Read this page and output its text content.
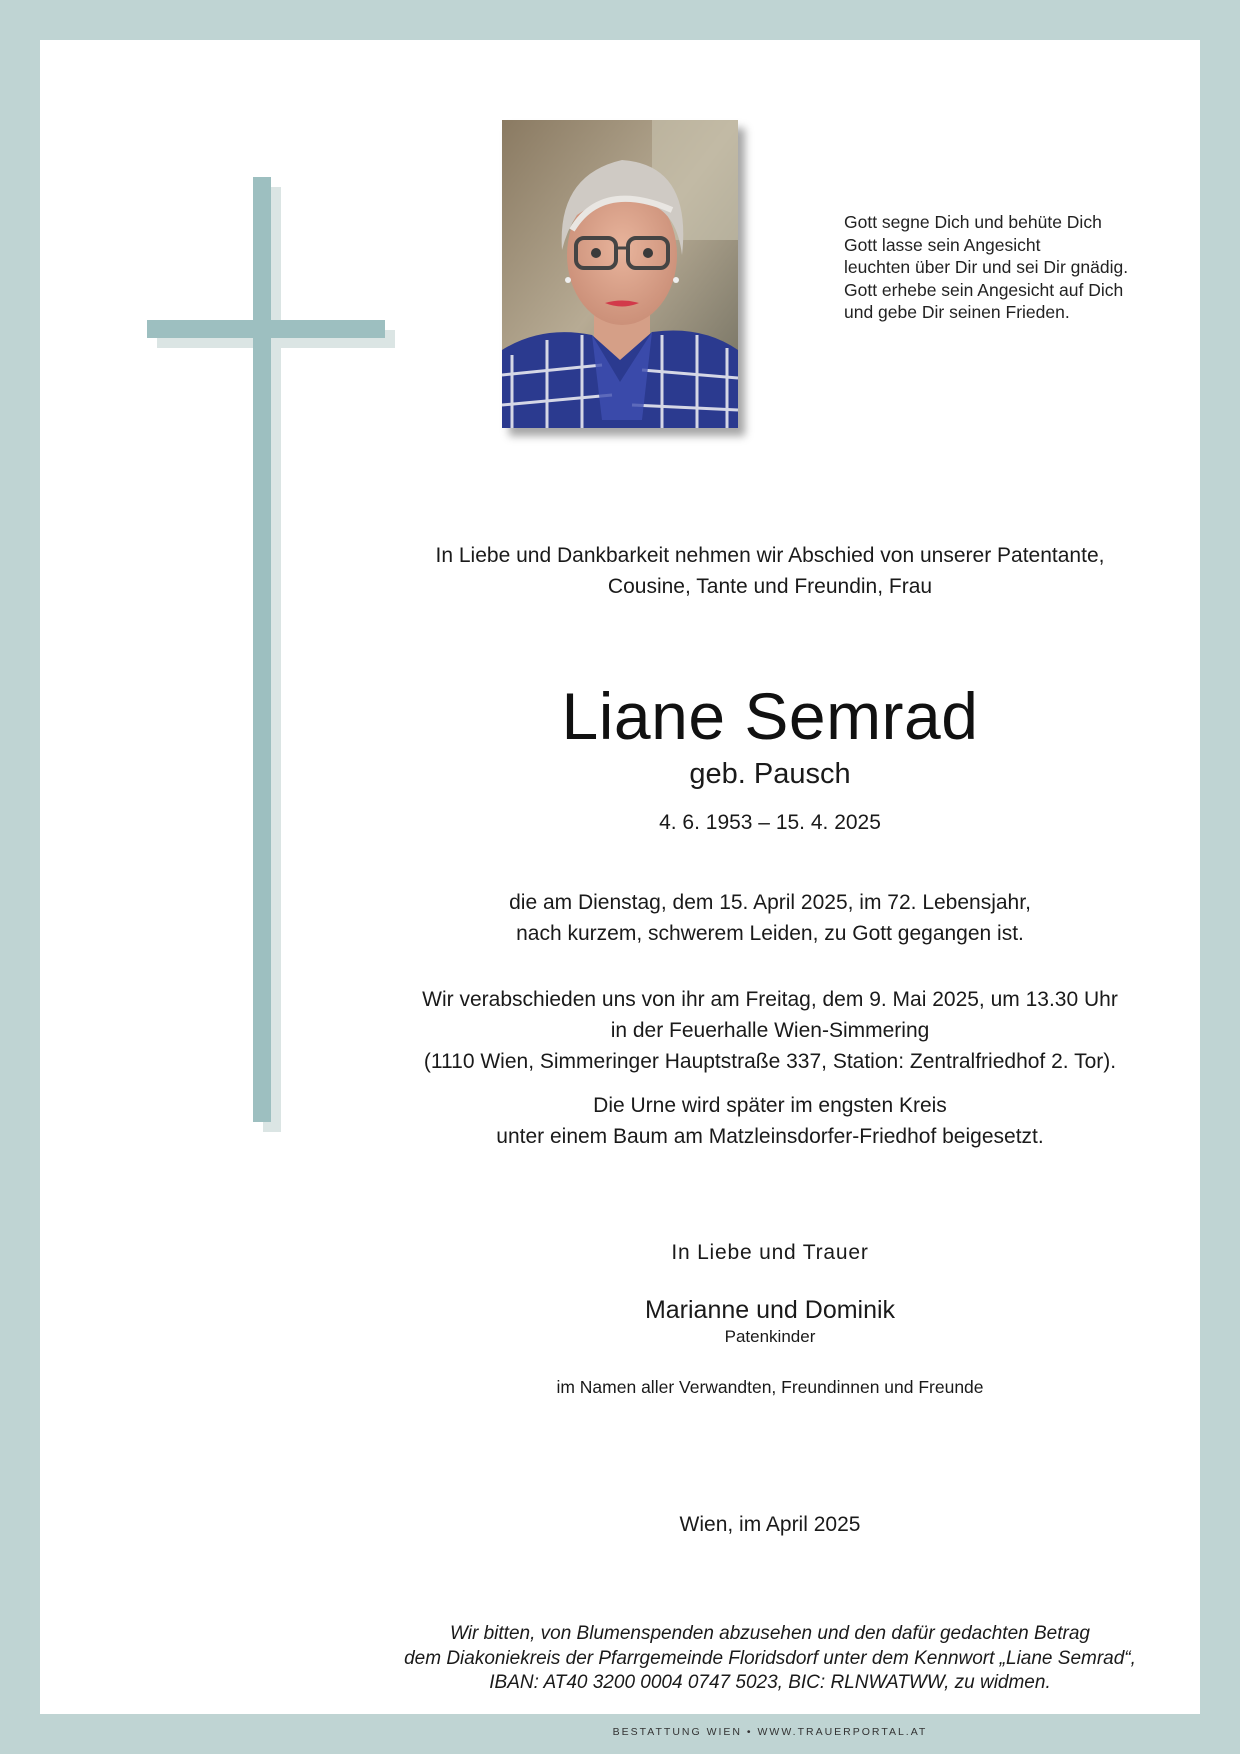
Gott segne Dich und behüte Dich
Gott lasse sein Angesicht
leuchten über Dir und sei Dir gnädig.
Gott erhebe sein Angesicht auf Dich
und gebe Dir seinen Frieden.
In Liebe und Dankbarkeit nehmen wir Abschied von unserer Patentante,
Cousine, Tante und Freundin, Frau
Liane Semrad
geb. Pausch
4. 6. 1953 – 15. 4. 2025
die am Dienstag, dem 15. April 2025, im 72. Lebensjahr,
nach kurzem, schwerem Leiden, zu Gott gegangen ist.
Wir verabschieden uns von ihr am Freitag, dem 9. Mai 2025, um 13.30 Uhr
in der Feuerhalle Wien-Simmering
(1110 Wien, Simmeringer Hauptstraße 337, Station: Zentralfriedhof 2. Tor).
Die Urne wird später im engsten Kreis
unter einem Baum am Matzleinsdorfer-Friedhof beigesetzt.
In Liebe und Trauer
Marianne und Dominik
Patenkinder
im Namen aller Verwandten, Freundinnen und Freunde
Wien, im April 2025
Wir bitten, von Blumenspenden abzusehen und den dafür gedachten Betrag
dem Diakoniekreis der Pfarrgemeinde Floridsdorf unter dem Kennwort „Liane Semrad“,
IBAN: AT40 3200 0004 0747 5023, BIC: RLNWATWW, zu widmen.
BESTATTUNG WIEN • WWW.TRAUERPORTAL.AT
